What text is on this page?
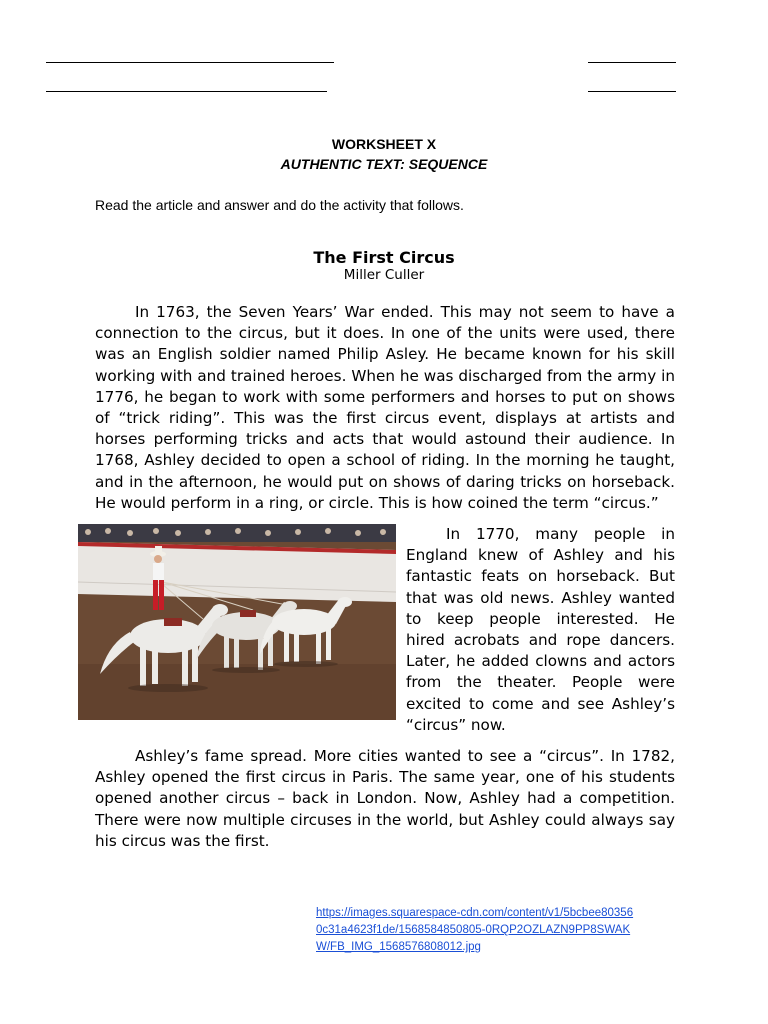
WORKSHEET X
AUTHENTIC TEXT: SEQUENCE
Read the article and answer and do the activity that follows.
The First Circus
Miller Culler

In 1763, the Seven Years’ War ended. This may not seem to have a connection to the circus, but it does. In one of the units were used, there was an English soldier named Philip Asley. He became known for his skill working with and trained heroes. When he was discharged from the army in 1776, he began to work with some performers and horses to put on shows of “trick riding”. This was the first circus event, displays at artists and horses performing tricks and acts that would astound their audience. In 1768, Ashley decided to open a school of riding. In the morning he taught, and in the afternoon, he would put on shows of daring tricks on horseback. He would perform in a ring, or circle. This is how coined the term “circus.”

In 1770, many people in England knew of Ashley and his fantastic feats on horseback. But that was old news. Ashley wanted to keep people interested. He hired acrobats and rope dancers. Later, he added clowns and actors from the theater. People were excited to come and see Ashley’s “circus” now.

Ashley’s fame spread. More cities wanted to see a “circus”. In 1782, Ashley opened the first circus in Paris. The same year, one of his students opened another circus – back in London. Now, Ashley had a competition. There were now multiple circuses in the world, but Ashley could always say his circus was the first.

https://images.squarespace-cdn.com/content/v1/5bcbee803560c31a4623f1de/1568584850805-0RQP2OZLAZN9PP8SWAKW/FB_IMG_1568576808012.jpg
